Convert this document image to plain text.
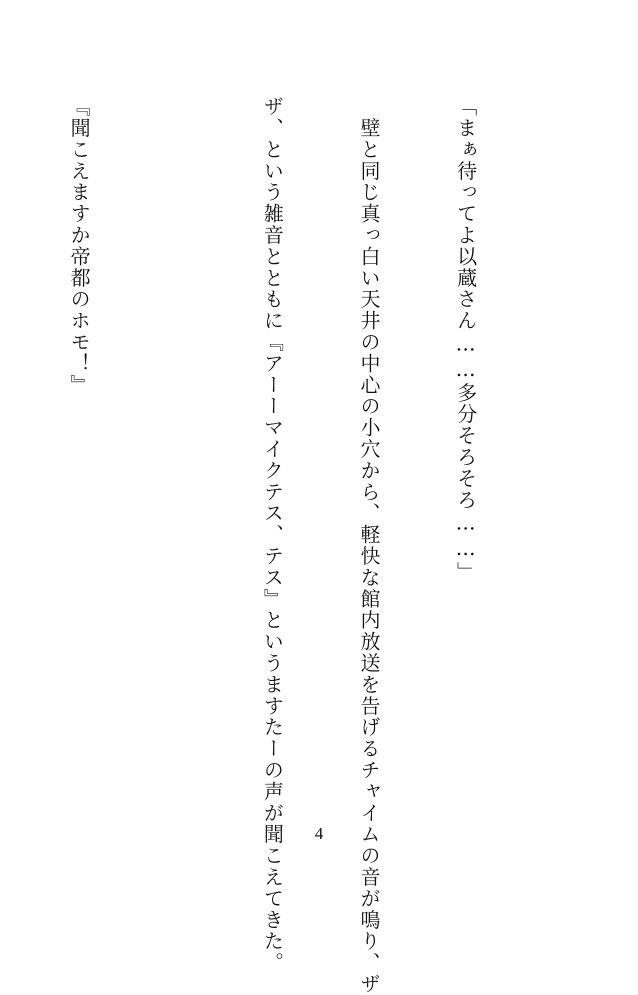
「まぁ待ってよ以蔵さん……多分そろそろ……」

　壁と同じ真っ白い天井の中心の小穴から、軽快な館内放送を告げるチャイムの音が鳴り、ザ

ザ、という雑音とともに『アーーマイクテス、テス』というますたーの声が聞こえてきた。

『聞こえますか帝都のホモ！』

4
